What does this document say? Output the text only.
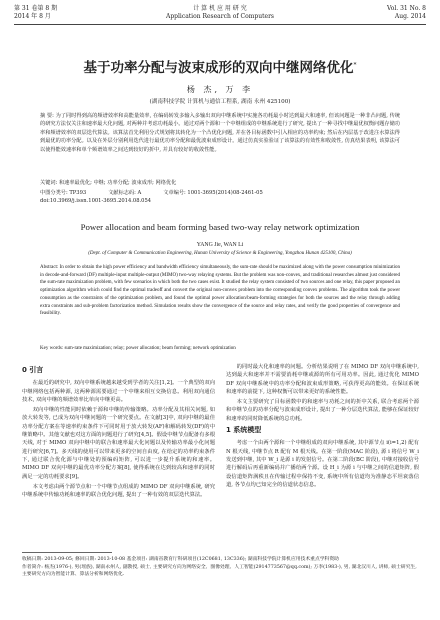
第 31 卷第 8 期
2014 年 8 月
计 算 机 应 用 研 究
Application Research of Computers
Vol. 31 No. 8
Aug. 2014
基于功率分配与波束成形的双向中继网络优化*
杨 杰, 万 李
(湖南科技学院 计算机与通信工程系, 湖南 永州 425100)
摘 要: 为了同时得到高的频谱效率和高能量效率, 在编码转发多输入多输出双向中继系统中实施各功耗最小时达到最大和速率, 但该问题是一种非凸问题, 传统的研究方法仅关注和速率最大化问题, 对两种并考虑功耗最小。通过对两个源和一个中继组成的中继系统进行了研究, 提出了一种寻找中继最优权衡问题存储功率和频谱效率的双层迭代算法。该算法首先利用分式规划将其转化为一个凸优化问题, 并在各目标函数中引入相应的功率约束; 然后在内层基于改进注水算法得到最优的功率分配。以及在外层分别利用迭代进行最优功率分配和最优波束成形设计。通过仿真实验验证了该算法的有效性和收敛性, 仿真结果表明, 该算法可以使得能效速率和单个频谱效率之间达到较好的折中, 并具有较好的收敛性能。
关键词: 和速率最优化; 中继; 功率分配; 波束成形; 网络优化
中图分类号: TP393	文献标志码: A	文章编号: 1001-3695(2014)08-2461-05
doi:10.3969/j.issn.1001-3695.2014.08.054
Power allocation and beam forming based two-way relay network optimization
YANG Jie, WAN Li
(Dept. of Computer & Communication Engineering, Hunan University of Science & Engineering, Yongzhou Hunan 425100, China)
Abstract: In order to obtain the high power efficiency and bandwidth efficiency simultaneously, the sum-rate should be maximized along with the power consumption minimization in decode-and-forward (DF) multiple-input multiple-output (MIMO) two-way relaying systems. But the problem was non-convex, and traditional researches almost just considered the sum-rate maximization problem, with few scenarios in which both the two cases exist. It studied the relay system consisted of two sources and one relay, this paper proposed an optimization algorithm which could find the optimal tradeoff and convert the original non-convex problem into the corresponding convex problems. The algorithm took the power consumption as the constraints of the optimization problem, and found the optimal power allocation/beam-forming strategies for both the sources and the relay through adding extra constraints and sub-problem factorization method. Simulation results show the convergence of the source and relay rates, and verify the good properties of convergence and feasibility.
Key words: sum-rate maximization; relay; power allocation; beam forming; network optimization
0 引言

在最近的研究中, 双向中继系统越来越受到学者的关注[1,2]。一个典型的双向中继网络包括两种源, 这两种源需要通过一个中继来相互交换信息。利用双向通信技术, 双向中继的频谱效率比单向中继更高。

双向中继的性能同时依赖于源和中继的传输策略。功率分配及其相关问题, 如放大转发等, 已成为双向中继问题的一个研究要点。在文献[3]中, 双向中继的最佳功率分配方案在等速率约束条件下可同时用于放大转发(AF)和解码转发(DF)的中继策略中。其他文献也对这方面的问题进行了研究[4,5]。假设中继节点配备有多根天线, 对于 MIMO 双向中继中的联合和速率最大化问题以及传输功率最小化问题进行研究[6,7]。多天线的使用可以带来更多的空间自由度, 在给定的功率约束条件下, 通过联合优化源与中继处的预编码矩阵, 可以进一步提升系统的和速率。MIMO DF 双向中继的最优功率分配方案[8], 使得系统在达到较高和速率的同时满足一定的功耗要求[9]。

本文考虑由两个源节点和一个中继节点组成的 MIMO DF 双向中继系统, 研究中继系统中传输功耗和速率的联合优化问题, 提出了一种有效的双层迭代算法。

的同时最大化和速率的问题。分析结果说明了在 MIMO DF 双向中继系统中, 达到最大和速率并不需要消耗中继或源的所有可用功率。因此, 通过优化 MIMO DF 双向中继系统中的功率分配和波束成形策略, 可获得更高的能效。在保证系统和速率的前提下, 这种权衡可以带来更好的系统性能。

本文主要研究了目标函数中的和速率与功耗之间的折中关系, 联合考虑两个源和中继节点的功率分配与波束成形设计, 提出了一种分层迭代算法, 能够在保证较好和速率的同时降低系统的总功耗。

1 系统模型

考虑一个由两个源和一个中继组成的双向中继系统, 其中源节点 i(i=1,2) 配有 N 根天线, 中继节点 R 配有 M 根天线。在第一阶段(MAC 阶段), 源 i 将信号 W_i 发送到中继, 其中 W_i 是源 i 的发射信号。在第二阶段(BC 阶段), 中继对接收信号进行解码后再重新编码并广播给两个源。设 H_i 为源 i 与中继之间的信道矩阵, 假设信道矩阵满秩且在传输过程中保持不变, 系统中所有信道均为准静态平坦衰落信道, 各节点均已知完全的信道状态信息。

收稿日期: 2013-09-05; 修回日期: 2013-10-08 基金项目: 湖南省教育厅科研项目(12C0681, 13C336); 湖南科技学院计算机应用技术重点学科资助
作者简介: 杨杰(1976-), 男(瑶族), 湖南永州人, 副教授, 硕士, 主要研究方向为网络安全、图像处理、人工智能(2914773567@qq.com); 万李(1983-), 男, 湖北汉川人, 讲师, 硕士研究生, 主要研究方向为智能计算、算法分析和网络优化.
